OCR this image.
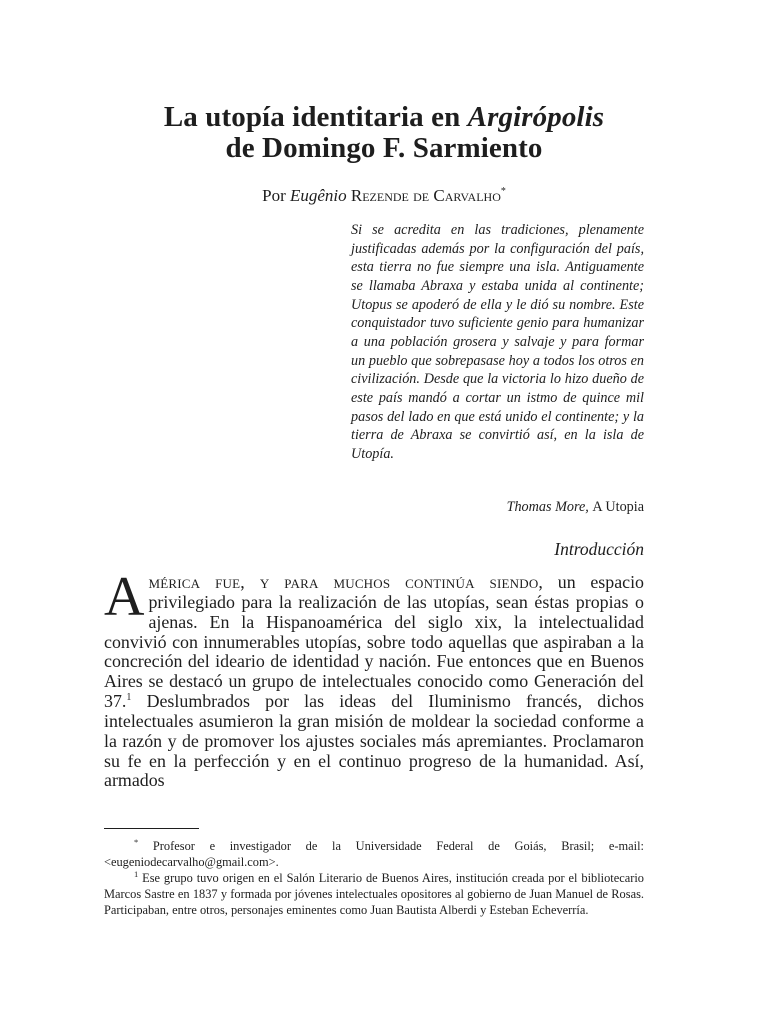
La utopía identitaria en Argirópolis
de Domingo F. Sarmiento
Por Eugênio Rezende de Carvalho*
Si se acredita en las tradiciones, plenamente justificadas además por la configuración del país, esta tierra no fue siempre una isla. Antiguamente se llamaba Abraxa y estaba unida al continente; Utopus se apoderó de ella y le dió su nombre. Este conquistador tuvo suficiente genio para humanizar a una población grosera y salvaje y para formar un pueblo que sobrepasase hoy a todos los otros en civilización. Desde que la victoria lo hizo dueño de este país mandó a cortar un istmo de quince mil pasos del lado en que está unido el continente; y la tierra de Abraxa se convirtió así, en la isla de Utopía.
Thomas More, A Utopia
Introducción
América fue, y para muchos continúa siendo, un espacio privilegiado para la realización de las utopías, sean éstas propias o ajenas. En la Hispanoamérica del siglo xix, la intelectualidad convivió con innumerables utopías, sobre todo aquellas que aspiraban a la concreción del ideario de identidad y nación. Fue entonces que en Buenos Aires se destacó un grupo de intelectuales conocido como Generación del 37.$^1$ Deslumbrados por las ideas del Iluminismo francés, dichos intelectuales asumieron la gran misión de moldear la sociedad conforme a la razón y de promover los ajustes sociales más apremiantes. Proclamaron su fe en la perfección y en el continuo progreso de la humanidad. Así, armados

* Profesor e investigador de la Universidade Federal de Goiás, Brasil; e-mail: <eugeniodecarvalho@gmail.com>.

$^1$ Ese grupo tuvo origen en el Salón Literario de Buenos Aires, institución creada por el bibliotecario Marcos Sastre en 1837 y formada por jóvenes intelectuales opositores al gobierno de Juan Manuel de Rosas. Participaban, entre otros, personajes eminentes como Juan Bautista Alberdi y Esteban Echeverría.
